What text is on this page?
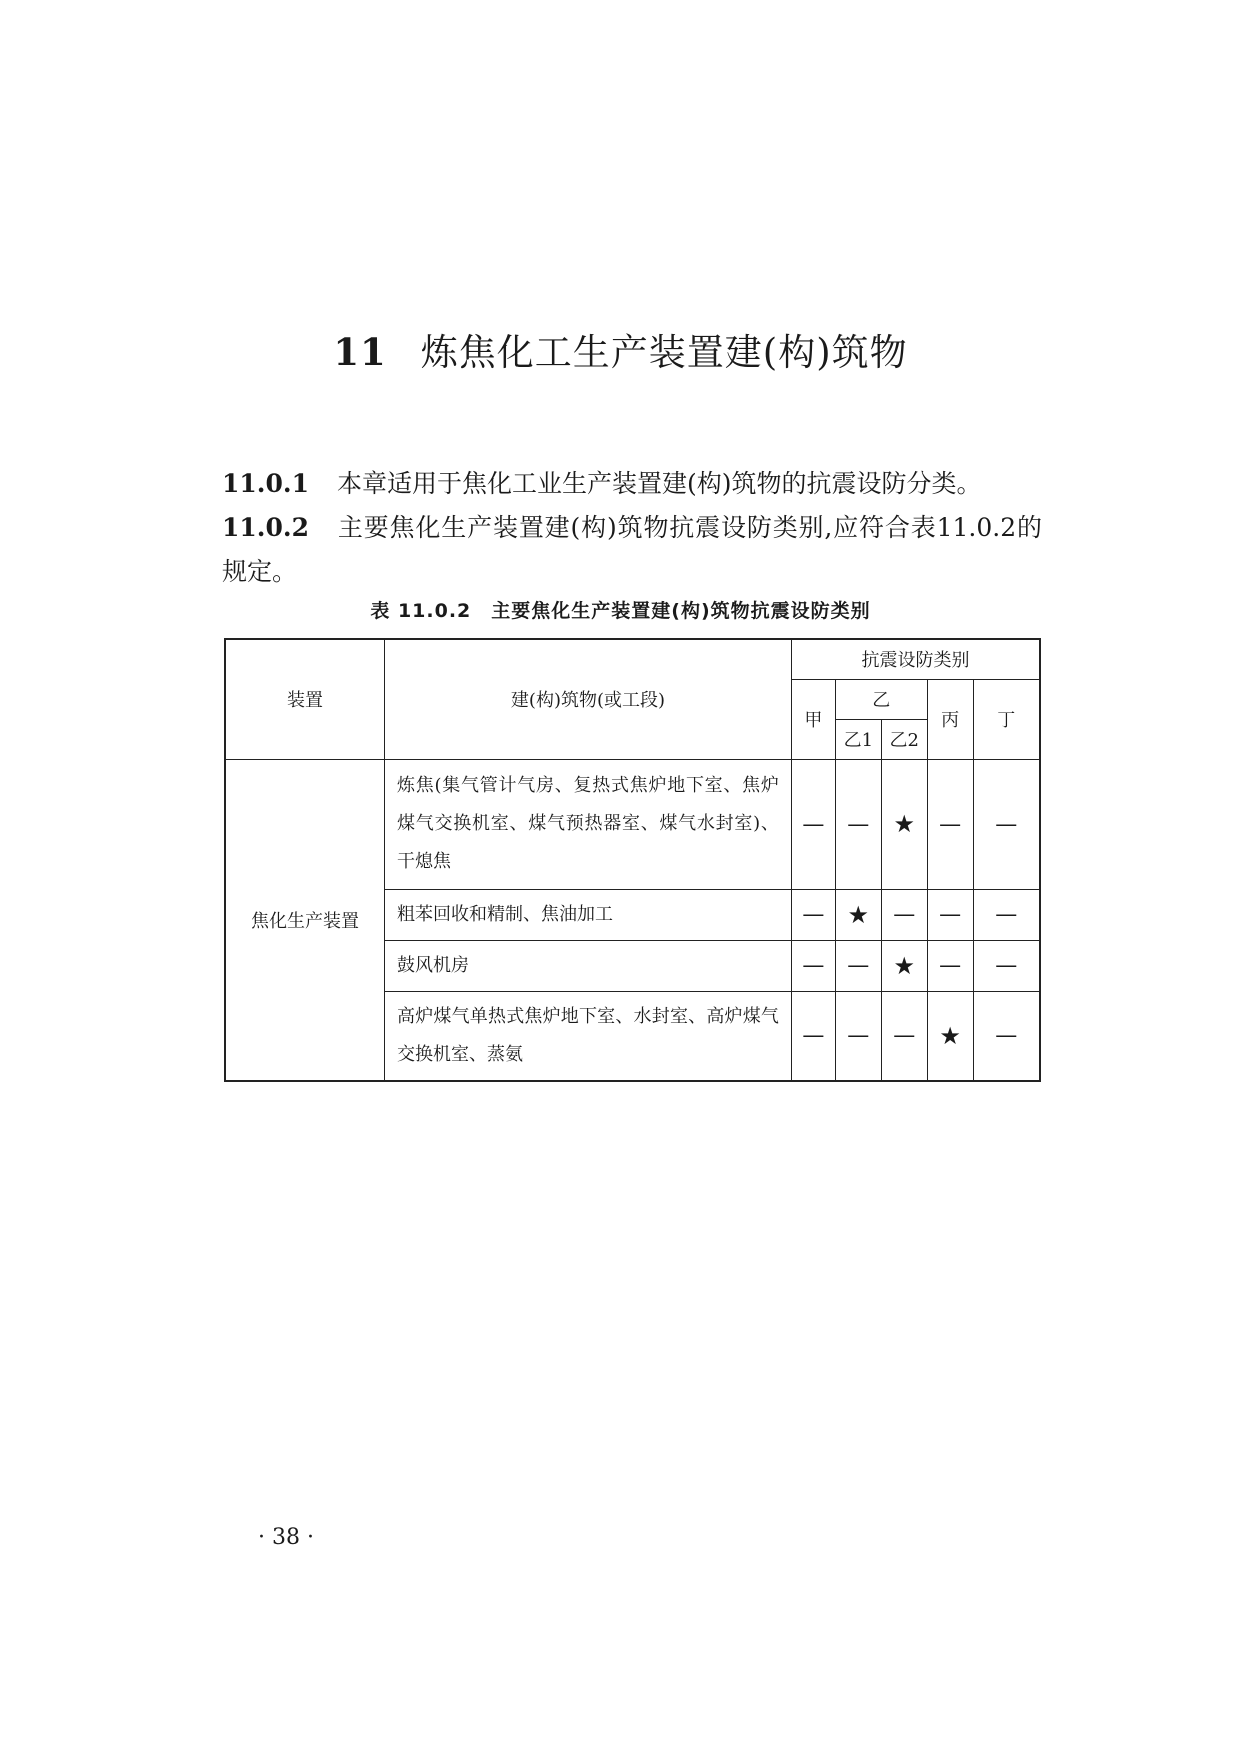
11 炼焦化工生产装置建(构)筑物
11.0.1 本章适用于焦化工业生产装置建(构)筑物的抗震设防分类。
11.0.2 主要焦化生产装置建(构)筑物抗震设防类别,应符合表11.0.2的规定。
表 11.0.2 主要焦化生产装置建(构)筑物抗震设防类别
装置	建(构)筑物(或工段)	抗震设防类别				
		甲	乙		丙	丁
			乙1	乙2		
焦化生产装置	炼焦(集气管计气房、复热式焦炉地下室、焦炉煤气交换机室、煤气预热器室、煤气水封室)、干熄焦	—	—	★	—	—
	粗苯回收和精制、焦油加工	—	★	—	—	—
	鼓风机房	—	—	★	—	—
	高炉煤气单热式焦炉地下室、水封室、高炉煤气交换机室、蒸氨	—	—	—	★	—
· 38 ·
